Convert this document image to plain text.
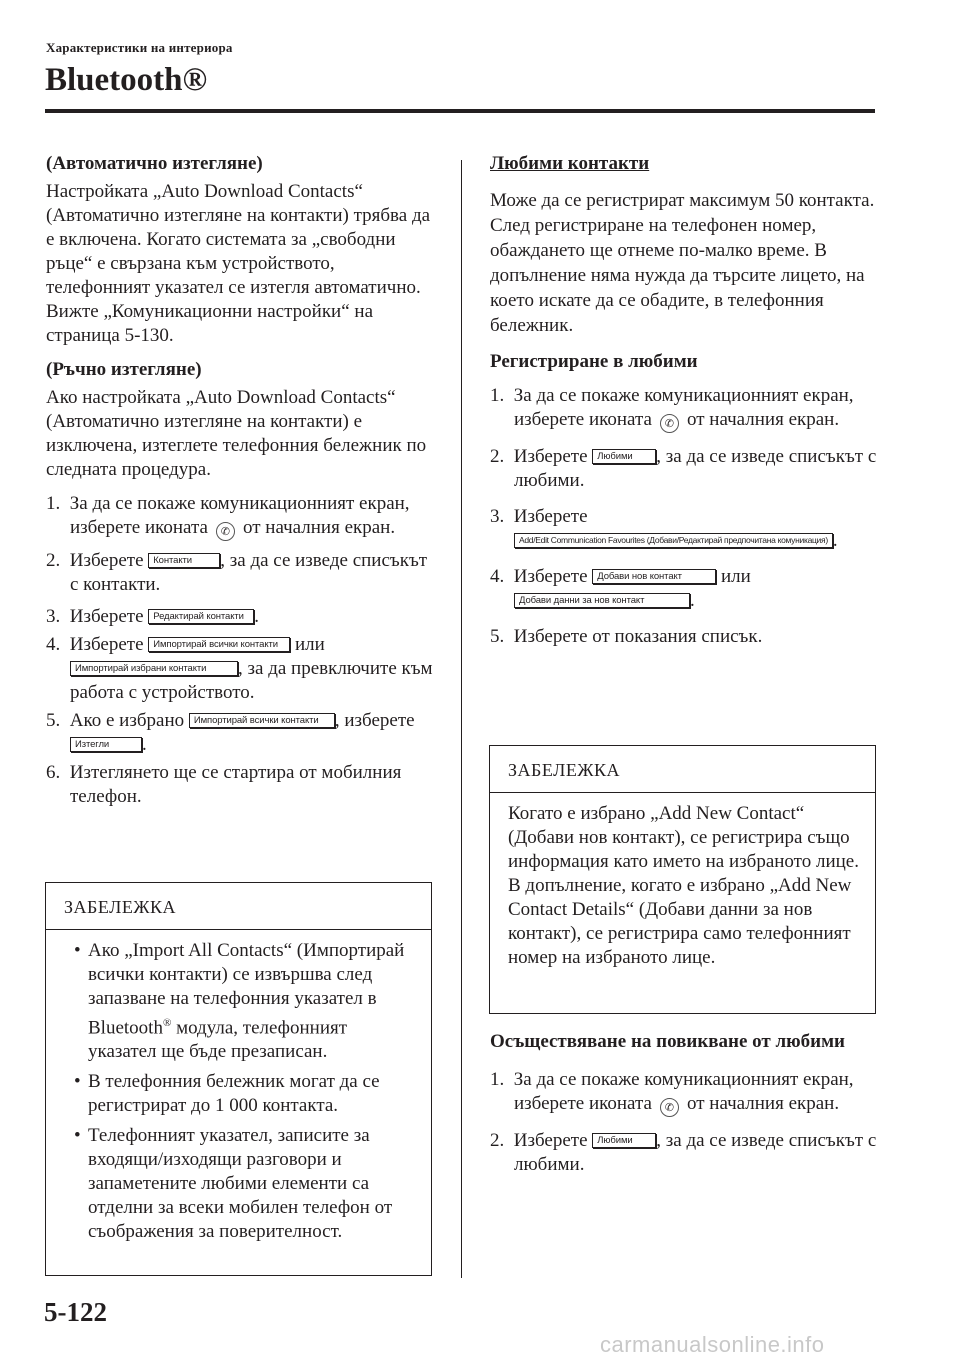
Характеристики на интериора
Bluetooth®

(Автоматично изтегляне)

Настройката „Auto Download Contacts“ (Автоматично изтегляне на контакти) трябва да е включена. Когато системата за „свободни ръце“ е свързана към устройството, телефонният указател се изтегля автоматично. Вижте „Комуникационни настройки“ на страница 5-130.

(Ръчно изтегляне)

Ако настройката „Auto Download Contacts“ (Автоматично изтегляне на контакти) е изключена, изтеглете телефонния бележник по следната процедура.

1. За да се покаже комуникационният екран, изберете иконата ✆ от началния екран.

2. Изберете Контакти , за да се изведе списъкът с контакти.

3. Изберете Редактирай контакти .

4. Изберете Импортирай всички контакти или Импортирай избрани контакти , за да превключите към работа с устройството.

5. Ако е избрано Импортирай всички контакти , изберете Изтегли .

6. Изтеглянето ще се стартира от мобилния телефон.

ЗАБЕЛЕЖКА

• Ако „Import All Contacts“ (Импортирай всички контакти) се извършва след запазване на телефонния указател в Bluetooth® модула, телефонният указател ще бъде презаписан.

• В телефонния бележник могат да се регистрират до 1 000 контакта.

• Телефонният указател, записите за входящи/изходящи разговори и запаметените любими елементи са отделни за всеки мобилен телефон от съображения за поверителност.

Любими контакти

Може да се регистрират максимум 50 контакта. След регистриране на телефонен номер, обаждането ще отнеме по-малко време. В допълнение няма нужда да търсите лицето, на което искате да се обадите, в телефонния бележник.

Регистриране в любими

1. За да се покаже комуникационният екран, изберете иконата ✆ от началния екран.

2. Изберете Любими , за да се изведе списъкът с любими.

3. Изберете
Add/Edit Communication Favourites (Добави/Редактирай предпочитана комуникация) .

4. Изберете Добави нов контакт или
Добави данни за нов контакт .

5. Изберете от показания списък.

ЗАБЕЛЕЖКА
Когато е избрано „Add New Contact“ (Добави нов контакт), се регистрира също информация като името на избраното лице. В допълнение, когато е избрано „Add New Contact Details“ (Добави данни за нов контакт), се регистрира само телефонният номер на избраното лице.

Осъществяване на повикване от любими

1. За да се покаже комуникационният екран, изберете иконата ✆ от началния екран.

2. Изберете Любими , за да се изведе списъкът с любими.

5-122
carmanualsonline.info
